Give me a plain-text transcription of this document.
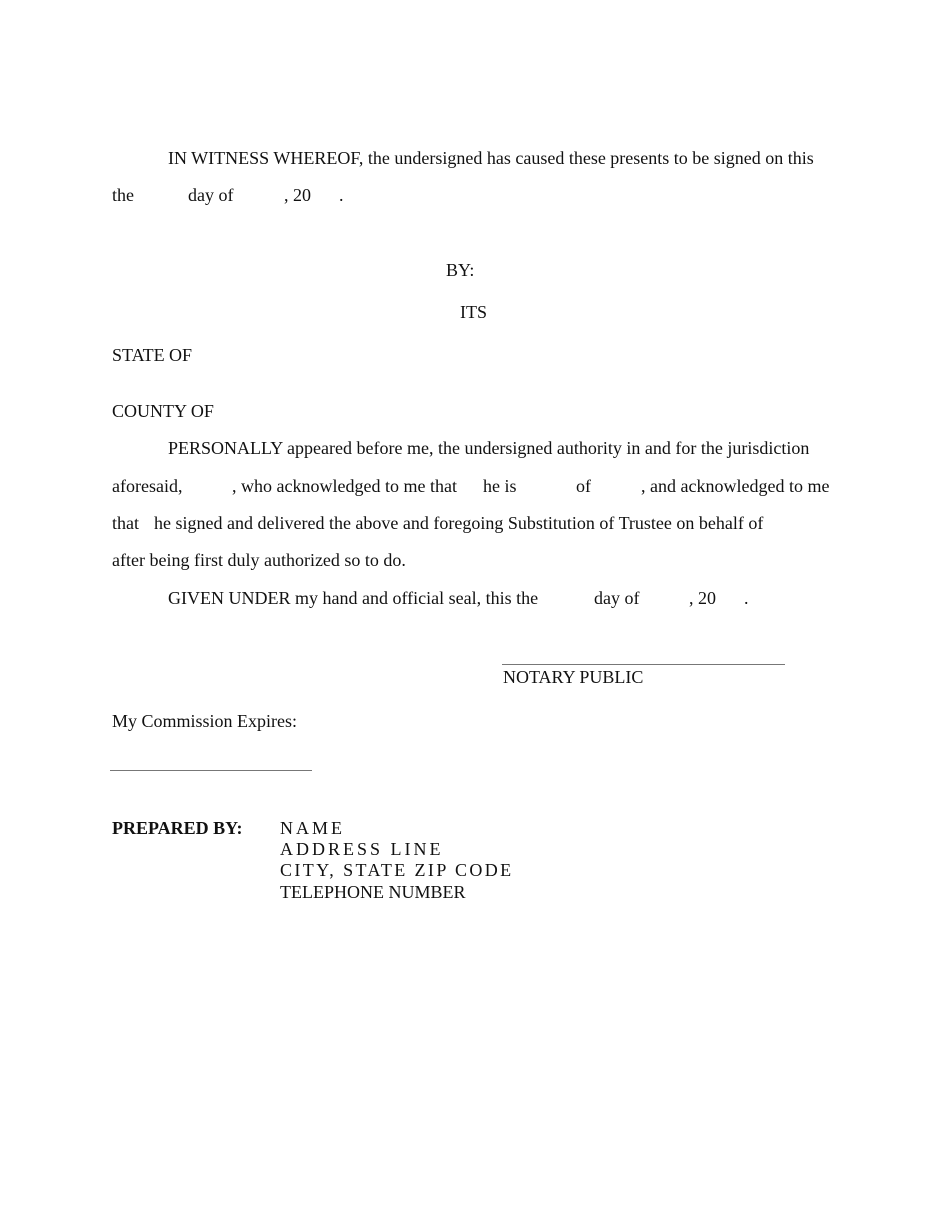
IN WITNESS WHEREOF, the undersigned has caused these presents to be signed on this
the	day of	, 20 .
BY:
ITS
STATE OF
COUNTY OF
PERSONALLY appeared before me, the undersigned authority in and for the jurisdiction
aforesaid,	, who acknowledged to me that he is	of	, and acknowledged to me
that he signed and delivered the above and foregoing Substitution of Trustee on behalf of
after being first duly authorized so to do.
GIVEN UNDER my hand and official seal, this the	day of	, 20 .
NOTARY PUBLIC
My Commission Expires:
PREPARED BY: NAME
ADDRESS LINE
CITY, STATE ZIP CODE
TELEPHONE NUMBER
